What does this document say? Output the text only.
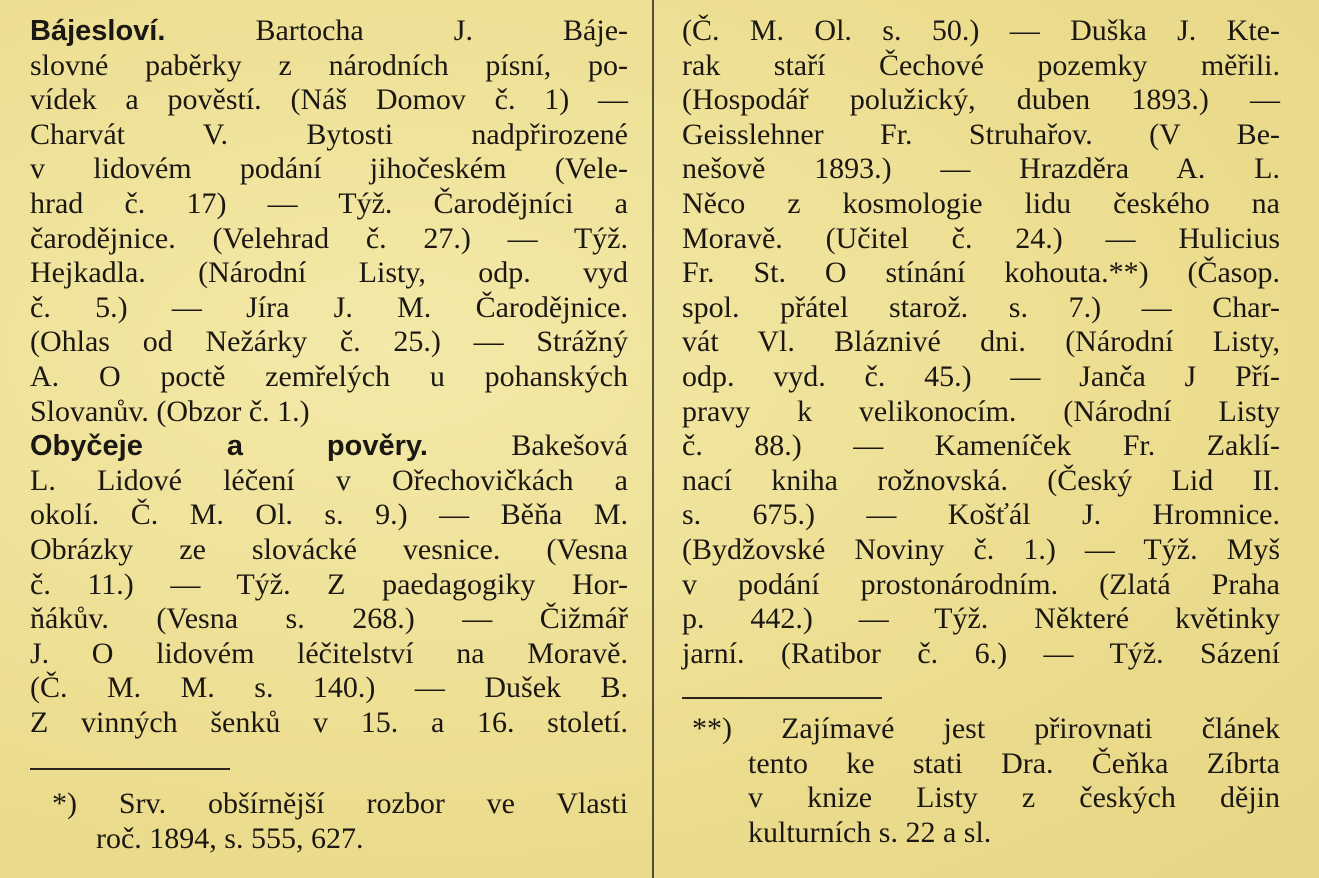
Bájesloví. Bartocha J. Báje-
slovné paběrky z národních písní, po-
vídek a pověstí. (Náš Domov č. 1) —
Charvát V. Bytosti nadpřirozené
v lidovém podání jihočeském (Vele-
hrad č. 17) — Týž. Čarodějníci a
čarodějnice. (Velehrad č. 27.) — Týž.
Hejkadla. (Národní Listy, odp. vyd
č. 5.) — Jíra J. M. Čarodějnice.
(Ohlas od Nežárky č. 25.) — Strážný
A. O poctě zemřelých u pohanských
Slovanův. (Obzor č. 1.)
Obyčeje a pověry. Bakešová
L. Lidové léčení v Ořechovičkách a
okolí. Č. M. Ol. s. 9.) — Běňa M.
Obrázky ze slovácké vesnice. (Vesna
č. 11.) — Týž. Z paedagogiky Hor-
ňákův. (Vesna s. 268.) — Čižmář
J. O lidovém léčitelství na Moravě.
(Č. M. M. s. 140.) — Dušek B.
Z vinných šenků v 15. a 16. století.
*) Srv. obšírnější rozbor ve Vlasti
roč. 1894, s. 555, 627.
(Č. M. Ol. s. 50.) — Duška J. Kte-
rak staří Čechové pozemky měřili.
(Hospodář polužický, duben 1893.) —
Geisslehner Fr. Struhařov. (V Be-
nešově 1893.) — Hrazděra A. L.
Něco z kosmologie lidu českého na
Moravě. (Učitel č. 24.) — Hulicius
Fr. St. O stínání kohouta.**) (Časop.
spol. přátel starož. s. 7.) — Char-
vát Vl. Bláznivé dni. (Národní Listy,
odp. vyd. č. 45.) — Janča J Pří-
pravy k velikonocím. (Národní Listy
č. 88.) — Kameníček Fr. Zaklí-
nací kniha rožnovská. (Český Lid II.
s. 675.) — Košťál J. Hromnice.
(Bydžovské Noviny č. 1.) — Týž. Myš
v podání prostonárodním. (Zlatá Praha
p. 442.) — Týž. Některé květinky
jarní. (Ratibor č. 6.) — Týž. Sázení
**) Zajímavé jest přirovnati článek
tento ke stati Dra. Čeňka Zíbrta
v knize Listy z českých dějin
kulturních s. 22 a sl.
